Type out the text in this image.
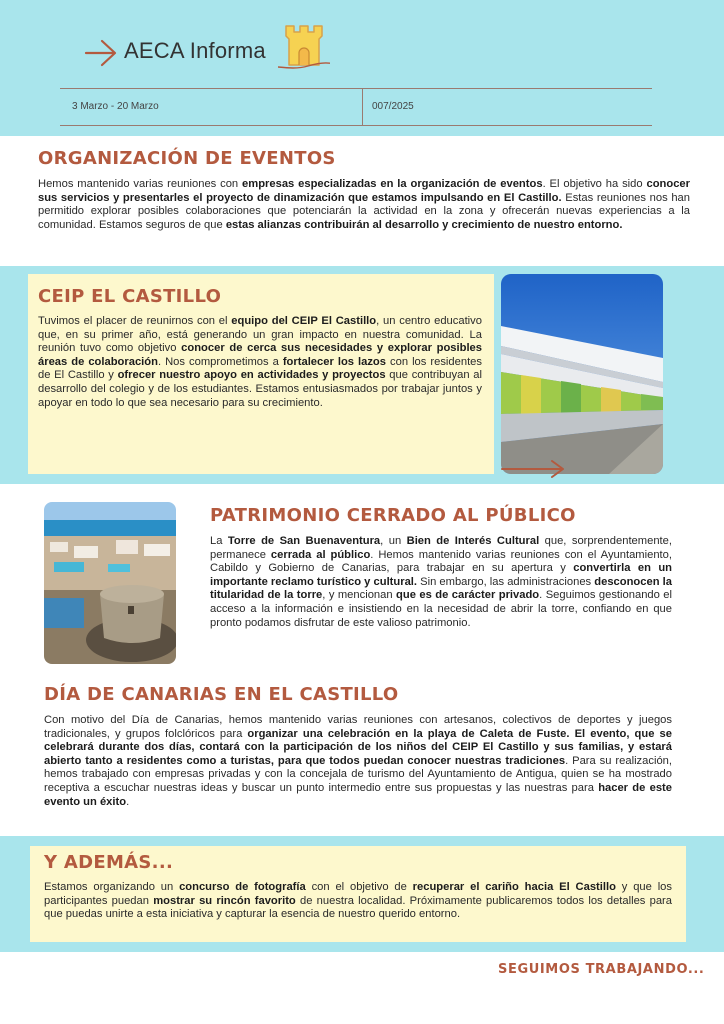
AECA Informa
3 Marzo - 20 Marzo	007/2025
ORGANIZACIÓN DE EVENTOS

Hemos mantenido varias reuniones con empresas especializadas en la organización de eventos. El objetivo ha sido conocer sus servicios y presentarles el proyecto de dinamización que estamos impulsando en El Castillo. Estas reuniones nos han permitido explorar posibles colaboraciones que potenciarán la actividad en la zona y ofrecerán nuevas experiencias a la comunidad. Estamos seguros de que estas alianzas contribuirán al desarrollo y crecimiento de nuestro entorno.

CEIP EL CASTILLO

Tuvimos el placer de reunirnos con el equipo del CEIP El Castillo, un centro educativo que, en su primer año, está generando un gran impacto en nuestra comunidad. La reunión tuvo como objetivo conocer de cerca sus necesidades y explorar posibles áreas de colaboración. Nos comprometimos a fortalecer los lazos con los residentes de El Castillo y ofrecer nuestro apoyo en actividades y proyectos que contribuyan al desarrollo del colegio y de los estudiantes. Estamos entusiasmados por trabajar juntos y apoyar en todo lo que sea necesario para su crecimiento.

PATRIMONIO CERRADO AL PÚBLICO

La Torre de San Buenaventura, un Bien de Interés Cultural que, sorprendentemente, permanece cerrada al público. Hemos mantenido varias reuniones con el Ayuntamiento, Cabildo y Gobierno de Canarias, para trabajar en su apertura y convertirla en un importante reclamo turístico y cultural. Sin embargo, las administraciones desconocen la titularidad de la torre, y mencionan que es de carácter privado. Seguimos gestionando el acceso a la información e insistiendo en la necesidad de abrir la torre, confiando en que pronto podamos disfrutar de este valioso patrimonio.

DÍA DE CANARIAS EN EL CASTILLO

Con motivo del Día de Canarias, hemos mantenido varias reuniones con artesanos, colectivos de deportes y juegos tradicionales, y grupos folclóricos para organizar una celebración en la playa de Caleta de Fuste. El evento, que se celebrará durante dos días, contará con la participación de los niños del CEIP El Castillo y sus familias, y estará abierto tanto a residentes como a turistas, para que todos puedan conocer nuestras tradiciones. Para su realización, hemos trabajado con empresas privadas y con la concejala de turismo del Ayuntamiento de Antigua, quien se ha mostrado receptiva a escuchar nuestras ideas y buscar un punto intermedio entre sus propuestas y las nuestras para hacer de este evento un éxito.

Y ADEMÁS...

Estamos organizando un concurso de fotografía con el objetivo de recuperar el cariño hacia El Castillo y que los participantes puedan mostrar su rincón favorito de nuestra localidad. Próximamente publicaremos todos los detalles para que puedas unirte a esta iniciativa y capturar la esencia de nuestro querido entorno.

SEGUIMOS TRABAJANDO...
